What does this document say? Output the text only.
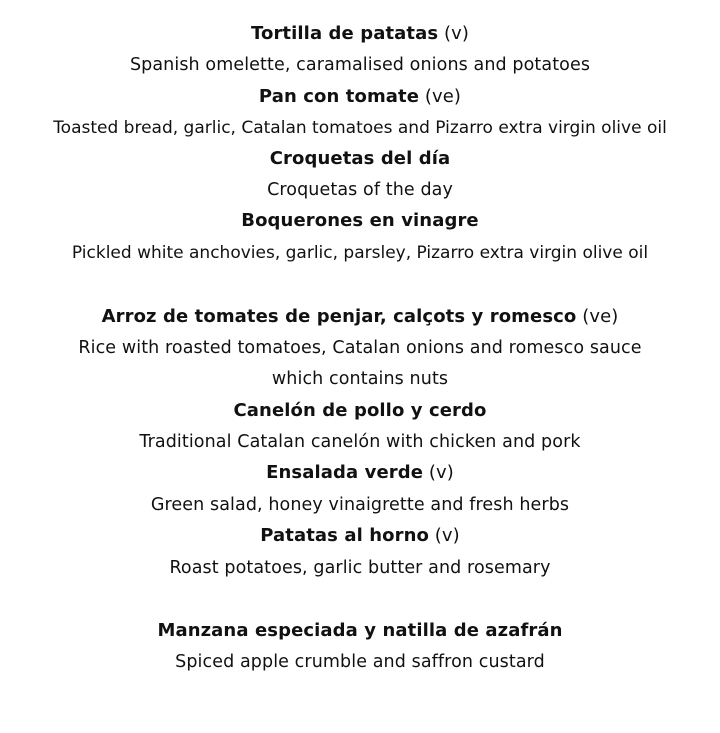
Tortilla de patatas (v)
Spanish omelette, caramalised onions and potatoes
Pan con tomate (ve)
Toasted bread, garlic, Catalan tomatoes and Pizarro extra virgin olive oil
Croquetas del día
Croquetas of the day
Boquerones en vinagre
Pickled white anchovies, garlic, parsley, Pizarro extra virgin olive oil
Arroz de tomates de penjar, calçots y romesco (ve)
Rice with roasted tomatoes, Catalan onions and romesco sauce
which contains nuts
Canelón de pollo y cerdo
Traditional Catalan canelón with chicken and pork
Ensalada verde (v)
Green salad, honey vinaigrette and fresh herbs
Patatas al horno (v)
Roast potatoes, garlic butter and rosemary
Manzana especiada y natilla de azafrán
Spiced apple crumble and saffron custard
